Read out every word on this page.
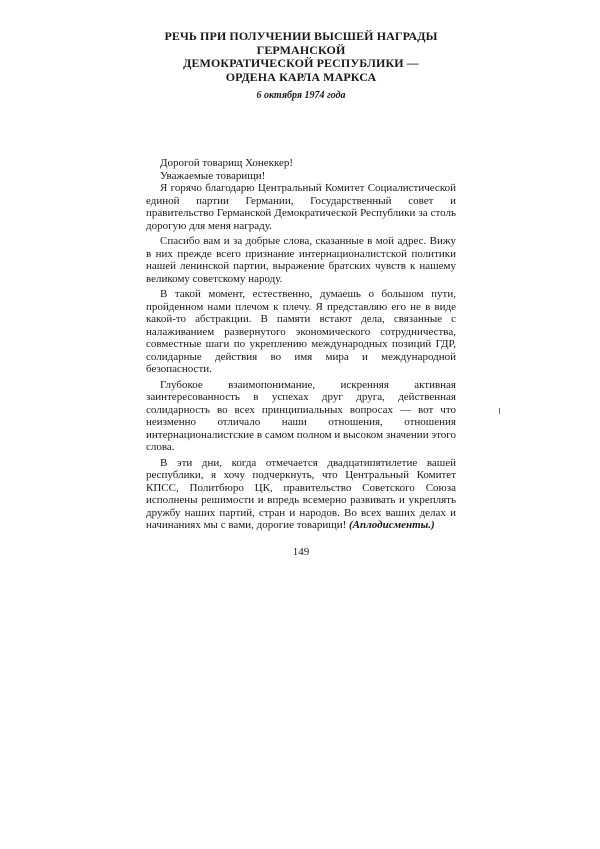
РЕЧЬ ПРИ ПОЛУЧЕНИИ ВЫСШЕЙ НАГРАДЫ
ГЕРМАНСКОЙ
ДЕМОКРАТИЧЕСКОЙ РЕСПУБЛИКИ —
ОРДЕНА КАРЛА МАРКСА

6 октября 1974 года

Дорогой товарищ Хонеккер!

Уважаемые товарищи!

Я горячо благодарю Центральный Комитет Социалистической единой партии Германии, Государственный совет и правительство Германской Демократической Республики за столь дорогую для меня награду.

Спасибо вам и за добрые слова, сказанные в мой адрес. Вижу в них прежде всего признание интернационалистской политики нашей ленинской партии, выражение братских чувств к нашему великому советскому народу.

В такой момент, естественно, думаешь о большом пути, пройденном нами плечом к плечу. Я представляю его не в виде какой-то абстракции. В памяти встают дела, связанные с налаживанием развернутого экономического сотрудничества, совместные шаги по укреплению международных позиций ГДР, солидарные действия во имя мира и международной безопасности.

Глубокое взаимопонимание, искренняя активная заинтересованность в успехах друг друга, действенная солидарность во всех принципиальных вопросах — вот что неизменно отличало наши отношения, отношения интернационалистские в самом полном и высоком значении этого слова.

В эти дни, когда отмечается двадцатипятилетие вашей республики, я хочу подчеркнуть, что Центральный Комитет КПСС, Политбюро ЦК, правительство Советского Союза исполнены решимости и впредь всемерно развивать и укреплять дружбу наших партий, стран и народов. Во всех ваших делах и начинаниях мы с вами, дорогие товарищи! (Аплодисменты.)

149
